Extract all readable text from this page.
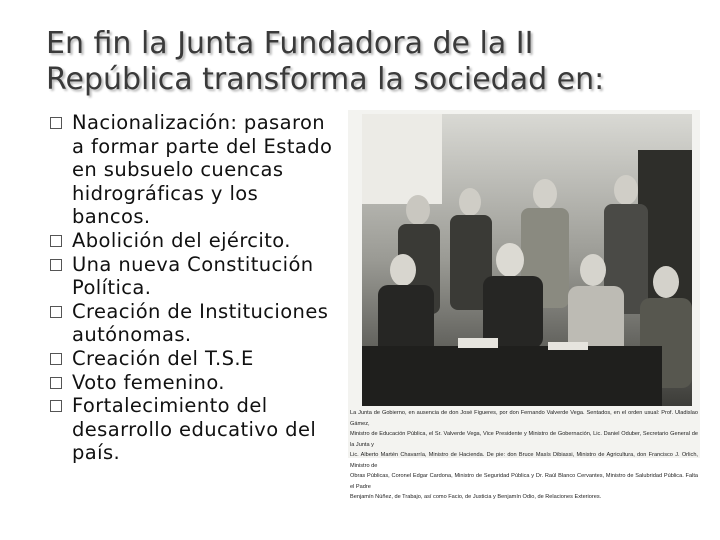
En fin la Junta Fundadora de la II
República transforma la sociedad en:
Nacionalización: pasaron
a formar parte del Estado
en subsuelo cuencas
hidrográficas y los
bancos.
Abolición del ejército.
Una nueva Constitución
Política.
Creación de Instituciones
autónomas.
Creación del T.S.E
Voto femenino.
Fortalecimiento del
desarrollo educativo del
país.
La Junta de Gobierno, en ausencia de don José Figueres, por don Fernando Valverde Vega. Sentados, en el orden usual: Prof. Uladislao Gámez,
Ministro de Educación Pública, el Sr. Valverde Vega, Vice Presidente y Ministro de Gobernación, Lic. Daniel Oduber, Secretario General de la Junta y
Lic. Alberto Martén Chavarría, Ministro de Hacienda. De pie: don Bruce Masís Dibiassi, Ministro de Agricultura, don Francisco J. Orlich, Ministro de
Obras Públicas, Coronel Edgar Cardona, Ministro de Seguridad Pública y Dr. Raúl Blanco Cervantes, Ministro de Salubridad Pública. Falta el Padre
Benjamín Núñez, de Trabajo, así como Facio, de Justicia y Benjamín Odio, de Relaciones Exteriores.
